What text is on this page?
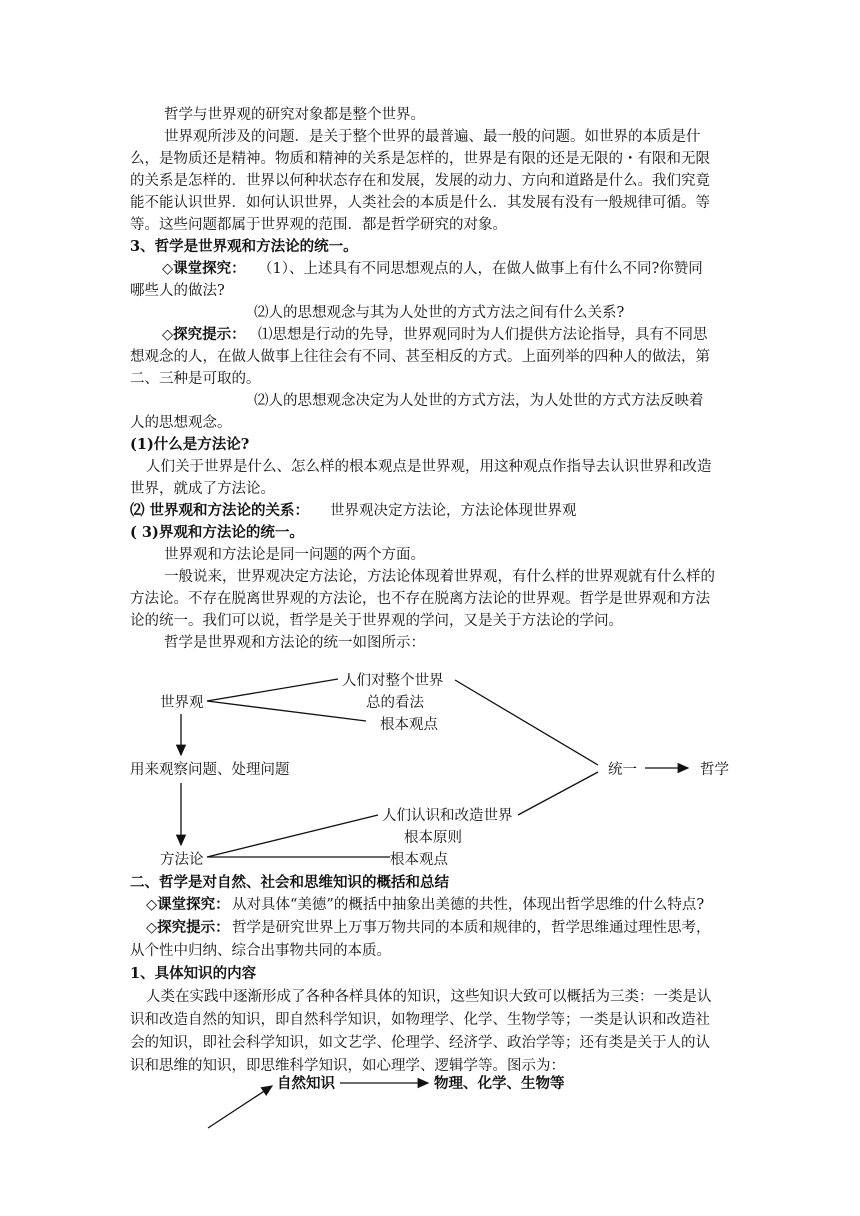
哲学与世界观的研究对象都是整个世界。
世界观所涉及的问题．是关于整个世界的最普遍、最一般的问题。如世界的本质是什
么，是物质还是精神。物质和精神的关系是怎样的，世界是有限的还是无限的・有限和无限
的关系是怎样的．世界以何种状态存在和发展，发展的动力、方向和道路是什么。我们究竟
能不能认识世界．如何认识世界，人类社会的本质是什么．其发展有没有一般规律可循。等
等。这些问题都属于世界观的范围．都是哲学研究的对象。
3、哲学是世界观和方法论的统一。
◇课堂探究： （1）、上述具有不同思想观点的人，在做人做事上有什么不同?你赞同
哪些人的做法?
⑵人的思想观念与其为人处世的方式方法之间有什么关系?
◇探究提示： ⑴思想是行动的先导，世界观同时为人们提供方法论指导，具有不同思
想观念的人，在做人做事上往往会有不同、甚至相反的方式。上面列举的四种人的做法，第
二、三种是可取的。
⑵人的思想观念决定为人处世的方式方法，为人处世的方式方法反映着
人的思想观念。
(1)什么是方法论?
人们关于世界是什么、怎么样的根本观点是世界观，用这种观点作指导去认识世界和改造
世界，就成了方法论。
⑵ 世界观和方法论的关系： 世界观决定方法论，方法论体现世界观
( 3)界观和方法论的统一。
世界观和方法论是同一问题的两个方面。
一般说来，世界观决定方法论，方法论体现着世界观，有什么样的世界观就有什么样的
方法论。不存在脱离世界观的方法论，也不存在脱离方法论的世界观。哲学是世界观和方法
论的统一。我们可以说，哲学是关于世界观的学问，又是关于方法论的学问。
哲学是世界观和方法论的统一如图所示：
世界观
人们对整个世界
总的看法
根本观点
用来观察问题、处理问题	统一	哲学
人们认识和改造世界
根本原则
根本观点
方法论
二、哲学是对自然、社会和思维知识的概括和总结
◇课堂探究： 从对具体“美德”的概括中抽象出美德的共性，体现出哲学思维的什么特点?
◇探究提示： 哲学是研究世界上万事万物共同的本质和规律的，哲学思维通过理性思考，
从个性中归纳、综合出事物共同的本质。
1、具体知识的内容
人类在实践中逐渐形成了各种各样具体的知识，这些知识大致可以概括为三类：一类是认
识和改造自然的知识，即自然科学知识，如物理学、化学、生物学等；一类是认识和改造社
会的知识，即社会科学知识，如文艺学、伦理学、经济学、政治学等；还有类是关于人的认
识和思维的知识，即思维科学知识，如心理学、逻辑学等。图示为：
自然知识	物理、化学、生物等
